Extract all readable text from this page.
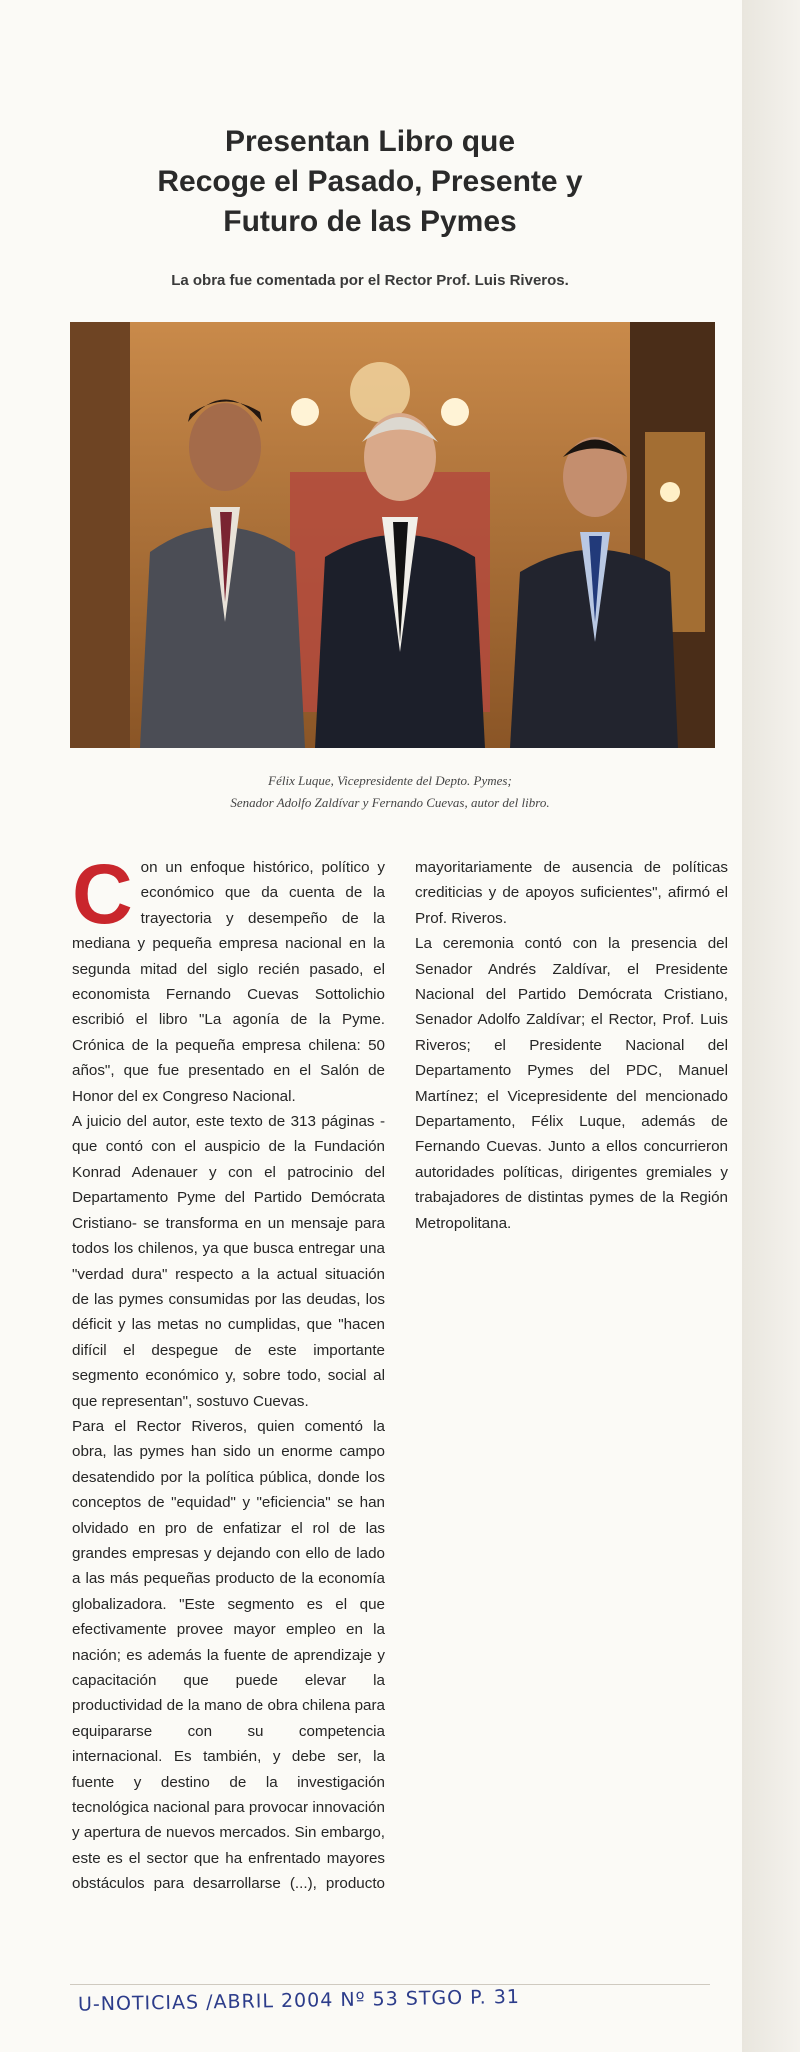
Presentan Libro que
Recoge el Pasado, Presente y
Futuro de las Pymes

La obra fue comentada por el Rector Prof. Luis Riveros.

Félix Luque, Vicepresidente del Depto. Pymes;
Senador Adolfo Zaldívar y Fernando Cuevas, autor del libro.

Con un enfoque histórico, político y económico que da cuenta de la trayectoria y desempeño de la mediana y pequeña empresa nacional en la segunda mitad del siglo recién pasado, el economista Fernando Cuevas Sottolichio escribió el libro "La agonía de la Pyme. Crónica de la pequeña empresa chilena: 50 años", que fue presentado en el Salón de Honor del ex Congreso Nacional.

A juicio del autor, este texto de 313 páginas -que contó con el auspicio de la Fundación Konrad Adenauer y con el patrocinio del Departamento Pyme del Partido Demócrata Cristiano- se transforma en un mensaje para todos los chilenos, ya que busca entregar una "verdad dura" respecto a la actual situación de las pymes consumidas por las deudas, los déficit y las metas no cumplidas, que "hacen difícil el despegue de este importante segmento económico y, sobre todo, social al que representan", sostuvo Cuevas.

Para el Rector Riveros, quien comentó la obra, las pymes han sido un enorme campo desatendido por la política pública, donde los conceptos de "equidad" y "eficiencia" se han olvidado en pro de enfatizar el rol de las grandes empresas y dejando con ello de lado a las más pequeñas producto de la economía globalizadora. "Este segmento es el que efectivamente provee mayor empleo en la nación; es además la fuente de aprendizaje y capacitación que puede elevar la productividad de la mano de obra chilena para equipararse con su competencia internacional. Es también, y debe ser, la fuente y destino de la investigación tecnológica nacional para provocar innovación y apertura de nuevos mercados. Sin embargo, este es el sector que ha enfrentado mayores obstáculos para desarrollarse (...), producto mayoritariamente de ausencia de políticas crediticias y de apoyos suficientes", afirmó el Prof. Riveros.

La ceremonia contó con la presencia del Senador Andrés Zaldívar, el Presidente Nacional del Partido Demócrata Cristiano, Senador Adolfo Zaldívar; el Rector, Prof. Luis Riveros; el Presidente Nacional del Departamento Pymes del PDC, Manuel Martínez; el Vicepresidente del mencionado Departamento, Félix Luque, además de Fernando Cuevas. Junto a ellos concurrieron autoridades políticas, dirigentes gremiales y trabajadores de distintas pymes de la Región Metropolitana.

U-NOTICIAS /ABRIL 2004 Nº 53 STGO P. 31
